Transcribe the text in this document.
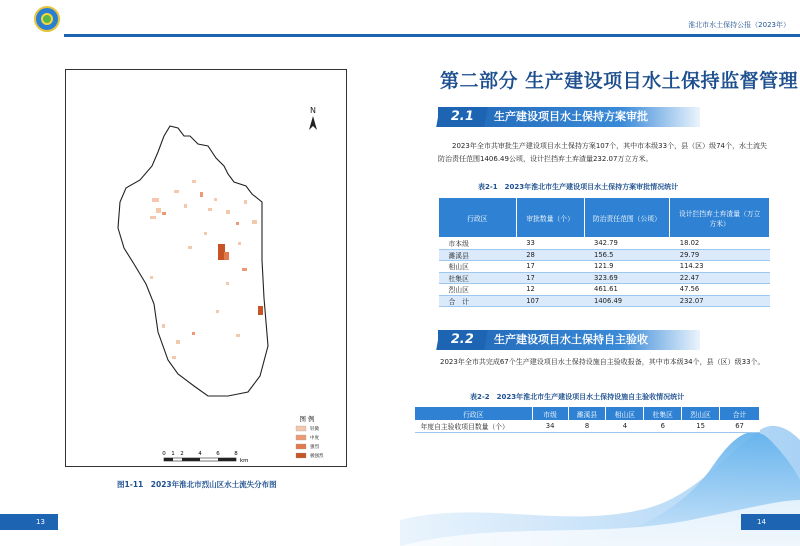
淮北市水土保持公报（2023年）
N
0 1 2	4	6	8
km
图 例
轻微
中度
强烈
极强烈
图1-11　2023年淮北市烈山区水土流失分布图
13
第二部分 生产建设项目水土保持监督管理
2.1	生产建设项目水土保持方案审批
2023年全市共审批生产建设项目水土保持方案107个，其中市本级33个，县（区）级74个，水土流失防治责任范围1406.49公顷，设计拦挡弃土弃渣量232.07万立方米。
表2-1　2023年淮北市生产建设项目水土保持方案审批情况统计
行政区	审批数量（个）	防治责任范围（公顷）	设计拦挡弃土弃渣量（万立方米）
市本级	33	342.79	18.02
濉溪县	28	156.5	29.79
相山区	17	121.9	114.23
杜集区	17	323.69	22.47
烈山区	12	461.61	47.56
合　计	107	1406.49	232.07
2.2	生产建设项目水土保持自主验收
2023年全市共完成67个生产建设项目水土保持设施自主验收报备，其中市本级34个，县（区）级33个。
表2-2　2023年淮北市生产建设项目水土保持设施自主验收情况统计
行政区	市级	濉溪县	相山区	杜集区	烈山区	合计
年度自主验收项目数量（个）	34	8	4	6	15	67
14
